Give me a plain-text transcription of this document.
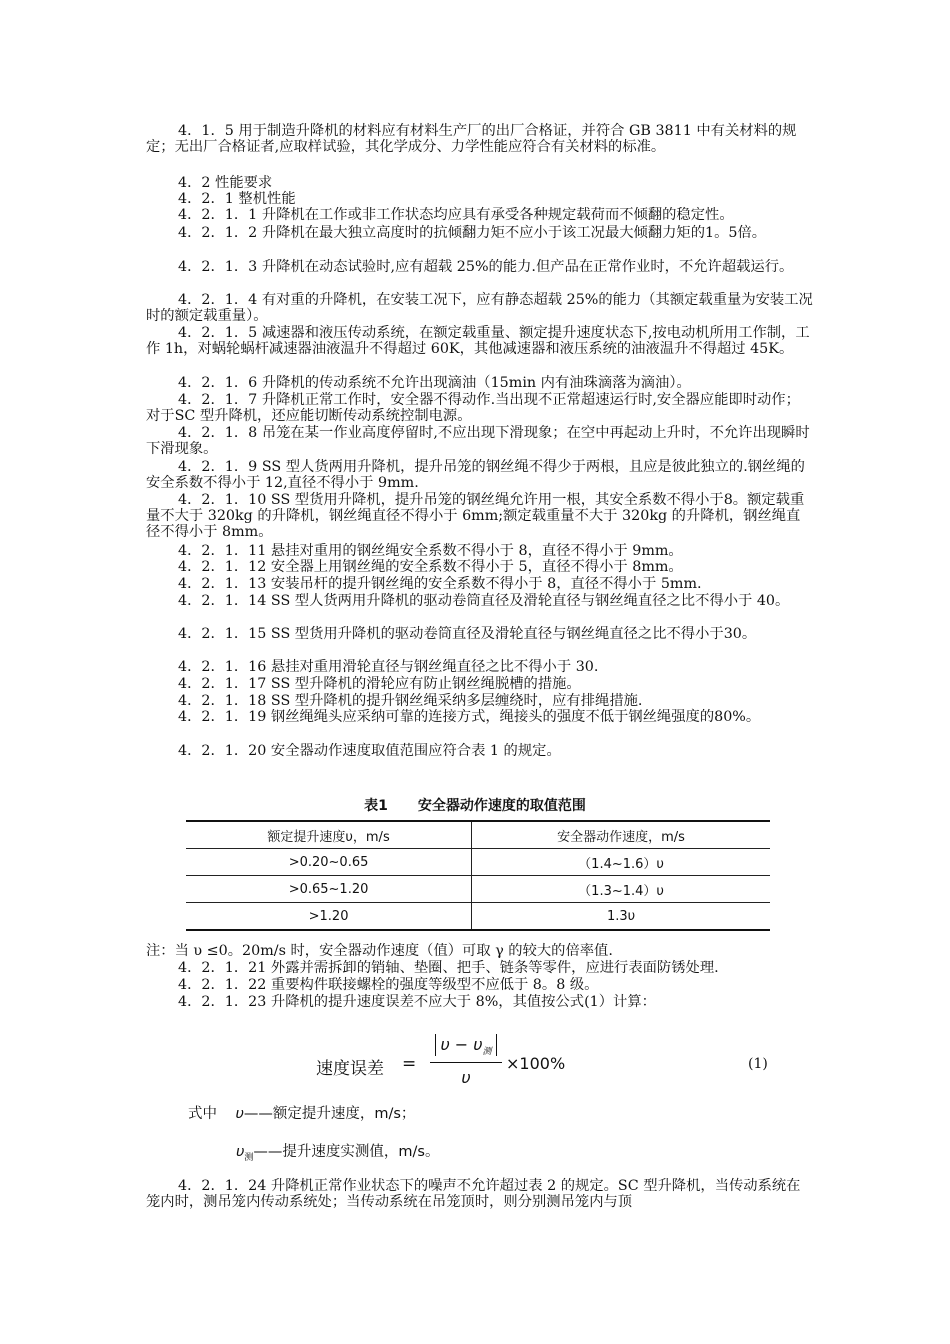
4．1．5 用于制造升降机的材料应有材料生产厂的出厂合格证，并符合 GB 3811 中有关材料的规定；无出厂合格证者,应取样试验，其化学成分、力学性能应符合有关材料的标准。

4．2 性能要求

4．2．1 整机性能

4．2．1．1 升降机在工作或非工作状态均应具有承受各种规定载荷而不倾翻的稳定性。

4．2．1．2 升降机在最大独立高度时的抗倾翻力矩不应小于该工况最大倾翻力矩的1。5倍。

4．2．1．3 升降机在动态试验时,应有超载 25%的能力.但产品在正常作业时，不允许超载运行。

4．2．1．4 有对重的升降机，在安装工况下，应有静态超载 25%的能力（其额定载重量为安装工况时的额定载重量）。

4．2．1．5 减速器和液压传动系统，在额定载重量、额定提升速度状态下,按电动机所用工作制，工作 1h，对蜗轮蜗杆减速器油液温升不得超过 60K，其他减速器和液压系统的油液温升不得超过 45K。

4．2．1．6 升降机的传动系统不允许出现滴油（15min 内有油珠滴落为滴油）。

4．2．1．7 升降机正常工作时，安全器不得动作.当出现不正常超速运行时,安全器应能即时动作；对于SC 型升降机，还应能切断传动系统控制电源。

4．2．1．8 吊笼在某一作业高度停留时,不应出现下滑现象；在空中再起动上升时，不允许出现瞬时下滑现象。

4．2．1．9 SS 型人货两用升降机，提升吊笼的钢丝绳不得少于两根，且应是彼此独立的.钢丝绳的安全系数不得小于 12,直径不得小于 9mm.

4．2．1．10 SS 型货用升降机，提升吊笼的钢丝绳允许用一根，其安全系数不得小于8。额定载重量不大于 320kg 的升降机，钢丝绳直径不得小于 6mm;额定载重量不大于 320kg 的升降机，钢丝绳直径不得小于 8mm。

4．2．1．11 悬挂对重用的钢丝绳安全系数不得小于 8，直径不得小于 9mm。

4．2．1．12 安全器上用钢丝绳的安全系数不得小于 5，直径不得小于 8mm。

4．2．1．13 安装吊杆的提升钢丝绳的安全系数不得小于 8，直径不得小于 5mm.

4．2．1．14 SS 型人货两用升降机的驱动卷筒直径及滑轮直径与钢丝绳直径之比不得小于 40。

4．2．1．15 SS 型货用升降机的驱动卷筒直径及滑轮直径与钢丝绳直径之比不得小于30。

4．2．1．16 悬挂对重用滑轮直径与钢丝绳直径之比不得小于 30.

4．2．1．17 SS 型升降机的滑轮应有防止钢丝绳脱槽的措施。

4．2．1．18 SS 型升降机的提升钢丝绳采纳多层缠绕时，应有排绳措施.

4．2．1．19 钢丝绳绳头应采纳可靠的连接方式，绳接头的强度不低于钢丝绳强度的80%。

4．2．1．20 安全器动作速度取值范围应符合表 1 的规定。

表1 安全器动作速度的取值范围
额定提升速度υ，m/s	安全器动作速度，m/s
>0.20~0.65	（1.4~1.6）υ
>0.65~1.20	（1.3~1.4）υ
>1.20	1.3υ

注：当 υ ≤0。20m/s 时，安全器动作速度（值）可取 γ 的较大的倍率值.

4．2．1．21 外露并需拆卸的销轴、垫圈、把手、链条等零件，应进行表面防锈处理.

4．2．1．22 重要构件联接螺栓的强度等级型不应低于 8。8 级。

4．2．1．23 升降机的提升速度误差不应大于 8%，其值按公式(1）计算：

速度误差 =
$\upsilon - \upsilon_测$
υ
×100%	(1)
式中 υ——额定提升速度，m/s；
$\upsilon_测——$提升速度实测值，m/s。

4．2．1．24 升降机正常作业状态下的噪声不允许超过表 2 的规定。SC 型升降机，当传动系统在笼内时，测吊笼内传动系统处；当传动系统在吊笼顶时，则分别测吊笼内与顶
